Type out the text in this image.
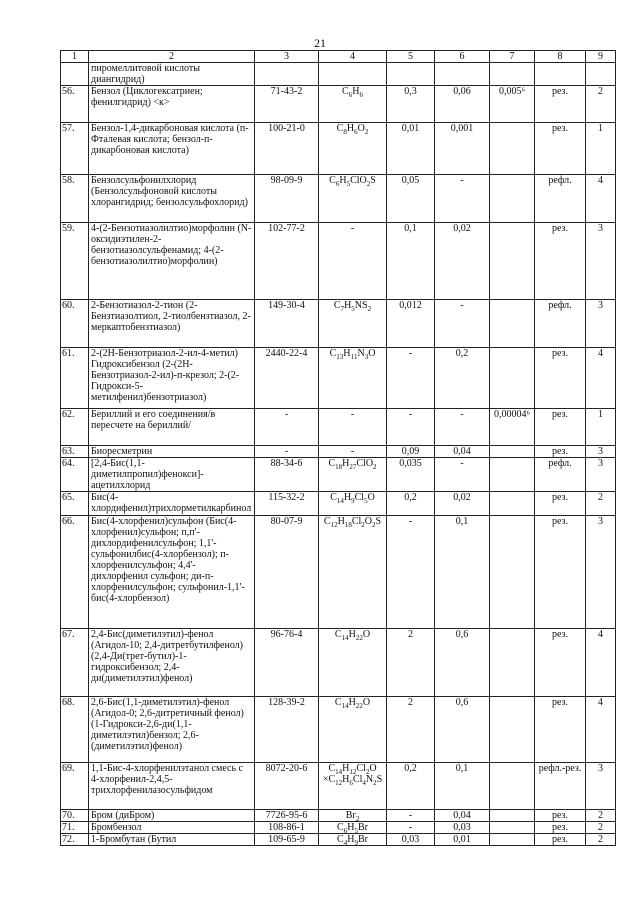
21
1	2	3	4	5	6	7	8	9
	пиромеллитовой кислоты диангидрид)							
56.	Бензол (Циклогексатриен; фенилгидрид) <к>	71-43-2	$C_6H_6$	0,3	0,06	0,005⁶	рез.	2
57.	Бензол-1,4-дикарбоновая кислота (п-Фталевая кислота; бензол-п-дикарбоновая кислота)	100-21-0	$C_8H_6O_2$	0,01	0,001		рез.	1
58.	Бензолсульфонилхлорид (Бензолсульфоновой кислоты хлорангидрид; бензолсульфохлорид)	98-09-9	$C_6H_5ClO_2S$	0,05	-		рефл.	4
59.	4-(2-Бензотиазолилтио)морфолин (N-оксидиэтилен-2-бензотиазолсульфенамид; 4-(2-бензотиазолилтио)морфолин)	102-77-2	-	0,1	0,02		рез.	3
60.	2-Бензотиазол-2-тион (2-Бензтиазолтиол, 2-тиолбензтиазол, 2-меркаптобензтиазол)	149-30-4	$C_7H_5NS_2$	0,012	-		рефл.	3
61.	2-(2Н-Бензотриазол-2-ил-4-метил) Гидроксибензол (2-(2Н-Бензотриазол-2-ил)-п-крезол; 2-(2-Гидрокси-5-метилфенил)бензотриазол)	2440-22-4	$C_{13}H_{11}N_3O$	-	0,2		рез.	4
62.	Бериллий и его соединения/в пересчете на бериллий/	-	-	-	-	0,00004⁶	рез.	1
63.	Биоресметрин	-	-	0,09	0,04		рез.	3
64.	[2,4-Бис(1,1-диметилпропил)фенокси]-ацетилхлорид	88-34-6	$C_{18}H_{27}ClO_2$	0,035	-		рефл.	3
65.	Бис(4-хлордифенил)трихлорметилкарбинол	115-32-2	$C_{14}H_9Cl_5O$	0,2	0,02		рез.	2
66.	Бис(4-хлорфенил)сульфон (Бис(4-хлорфенил)сульфон; п,п'-дихлордифенилсульфон; 1,1'-сульфонилбис(4-хлорбензол); п-хлорфенилсульфон; 4,4'-дихлорфенил сульфон; ди-п-хлорфенилсульфон; сульфонил-1,1'-бис(4-хлорбензол)	80-07-9	$C_{12}H_{18}Cl_2O_2S$	-	0,1		рез.	3
67.	2,4-Бис(диметилэтил)-фенол (Агидол-10; 2,4-дитретбутилфенол) (2,4-Ди(трет-бутил)-1-гидроксибензол; 2,4-ди(диметилэтил)фенол)	96-76-4	$C_{14}H_{22}O$	2	0,6		рез.	4
68.	2,6-Бис(1,1-диметилэтил)-фенол (Агидол-0; 2,6-дитретичный фенол) (1-Гидрокси-2,6-ди(1,1-диметилэтил)бензол; 2,6-(диметилэтил)фенол)	128-39-2	$C_{14}H_{22}O$	2	0,6		рез.	4
69.	1,1-Бис-4-хлорфенилэтанол смесь с 4-хлорфенил-2,4,5-трихлорфенилазосульфидом	8072-20-6	$C_{14}H_{12}Cl_2O \times C_{12}H_6Cl_4N_2S$	0,2	0,1		рефл.-рез.	3
70.	Бром (диБром)	7726-95-6	$Br_2$	-	0,04		рез.	2
71.	Бромбензол	108-86-1	$C_6H_5Br$	-	0,03		рез.	2
72.	1-Бромбутан (Бутил	109-65-9	$C_4H_9Br$	0,03	0,01		рез.	2
